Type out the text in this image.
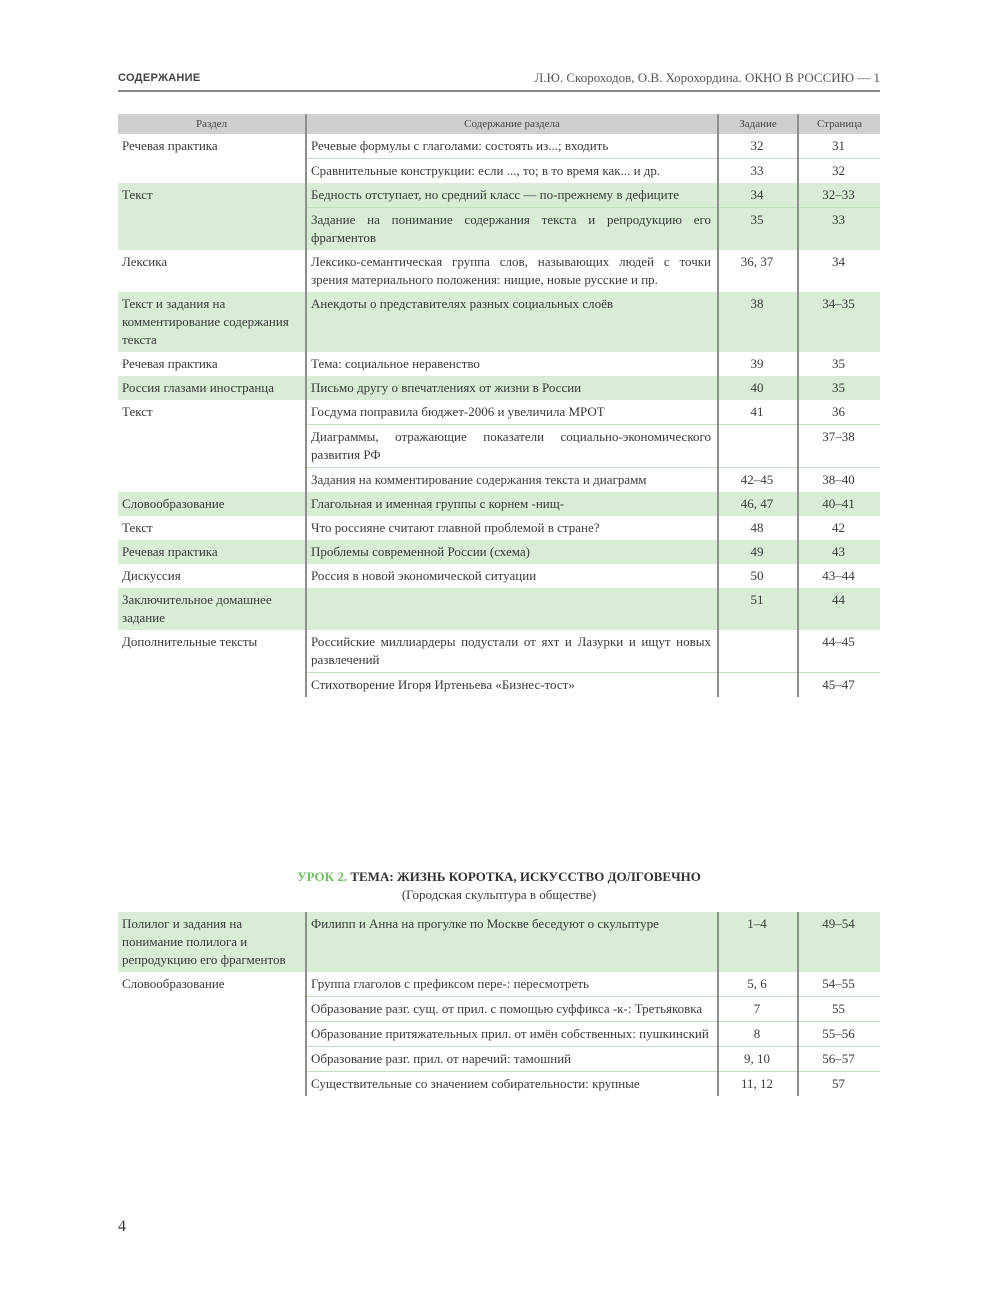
СОДЕРЖАНИЕ	Л.Ю. Скороходов, О.В. Хорохордина. ОКНО В РОССИЮ — 1
Раздел	Содержание раздела	Задание	Страница
Речевая практика	Речевые формулы с глаголами: состоять из...; входить	32	31
	Сравнительные конструкции: если ..., то; в то время как... и др.	33	32
Текст	Бедность отступает, но средний класс — по-прежнему в дефиците	34	32–33
	Задание на понимание содержания текста и репродукцию его фрагментов	35	33
Лексика	Лексико-семантическая группа слов, называющих людей с точки зрения материального положения: нищие, новые русские и пр.	36, 37	34
Текст и задания на комментирование содержания текста	Анекдоты о представителях разных социальных слоёв	38	34–35
Речевая практика	Тема: социальное неравенство	39	35
Россия глазами иностранца	Письмо другу о впечатлениях от жизни в России	40	35
Текст	Госдума поправила бюджет-2006 и увеличила МРОТ	41	36
	Диаграммы, отражающие показатели социально-экономического развития РФ		37–38
	Задания на комментирование содержания текста и диаграмм	42–45	38–40
Словообразование	Глагольная и именная группы с корнем -нищ-	46, 47	40–41
Текст	Что россияне считают главной проблемой в стране?	48	42
Речевая практика	Проблемы современной России (схема)	49	43
Дискуссия	Россия в новой экономической ситуации	50	43–44
Заключительное домашнее задание		51	44
Дополнительные тексты	Российские миллиардеры подустали от яхт и Лазурки и ищут новых развлечений		44–45
	Стихотворение Игоря Иртеньева «Бизнес-тост»		45–47
УРОК 2. ТЕМА: ЖИЗНЬ КОРОТКА, ИСКУССТВО ДОЛГОВЕЧНО
(Городская скульптура в обществе)
Полилог и задания на понимание полилога и репродукцию его фрагментов	Филипп и Анна на прогулке по Москве беседуют о скульптуре	1–4	49–54
Словообразование	Группа глаголов с префиксом пере-: пересмотреть	5, 6	54–55
	Образование разг. сущ. от прил. с помощью суффикса -к-: Третьяковка	7	55
	Образование притяжательных прил. от имён собственных: пушкинский	8	55–56
	Образование разг. прил. от наречий: тамошний	9, 10	56–57
	Существительные со значением собирательности: крупные	11, 12	57
4
